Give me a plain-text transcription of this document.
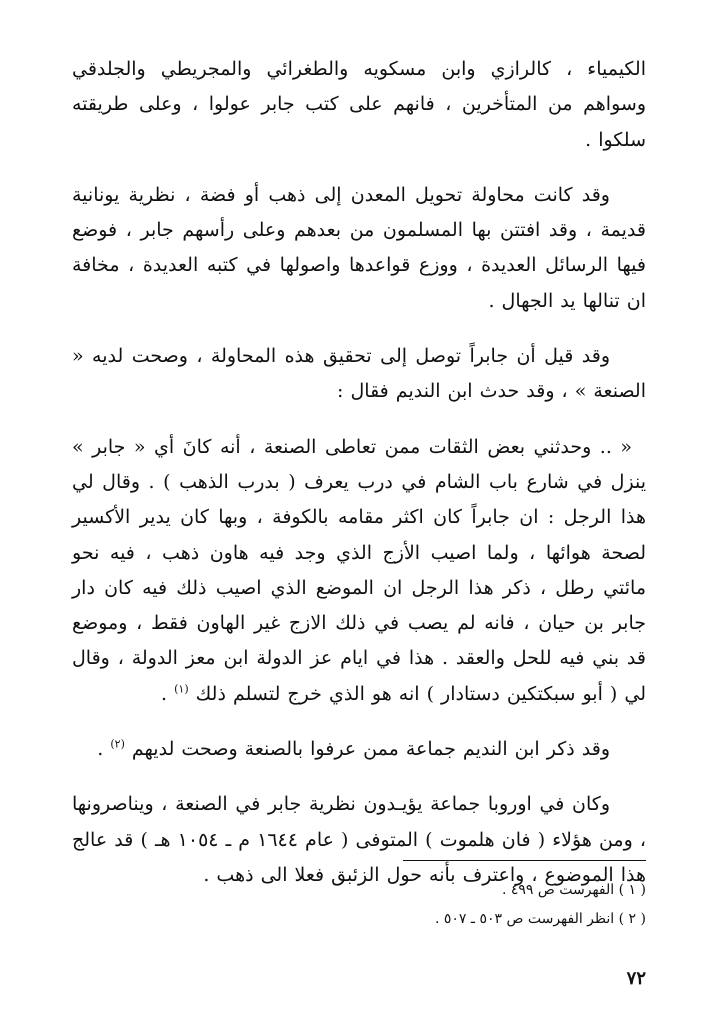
الكيمياء ، كالرازي وابن مسكويه والطغرائي والمجريطي والجلدقي وسواهم من المتأخرين ، فانهم على كتب جابر عولوا ، وعلى طريقته سلكوا .

وقد كانت محاولة تحويل المعدن إلى ذهب أو فضة ، نظرية يونانية قديمة ، وقد افتتن بها المسلمون من بعدهم وعلى رأسهم جابر ، فوضع فيها الرسائل العديدة ، ووزع قواعدها واصولها في كتبه العديدة ، مخافة ان تنالها يد الجهال .

وقد قيل أن جابراً توصل إلى تحقيق هذه المحاولة ، وصحت لديه « الصنعة » ، وقد حدث ابن النديم فقال :

« .. وحدثني بعض الثقات ممن تعاطى الصنعة ، أنه كانَ أي « جابر » ينزل في شارع باب الشام في درب يعرف ( بدرب الذهب ) . وقال لي هذا الرجل : ان جابراً كان اكثر مقامه بالكوفة ، وبها كان يدير الأكسير لصحة هوائها ، ولما اصيب الأزج الذي وجد فيه هاون ذهب ، فيه نحو مائتي رطل ، ذكر هذا الرجل ان الموضع الذي اصيب ذلك فيه كان دار جابر بن حيان ، فانه لم يصب في ذلك الازج غير الهاون فقط ، وموضع قد بني فيه للحل والعقد . هذا في ايام عز الدولة ابن معز الدولة ، وقال لي ( أبو سبكتكين دستادار ) انه هو الذي خرج لتسلم ذلك $^{(١)}$ .

وقد ذكر ابن النديم جماعة ممن عرفوا بالصنعة وصحت لديهم $^{(٢)}$ .

وكان في اوروبا جماعة يؤيـدون نظرية جابر في الصنعة ، ويناصرونها ، ومن هؤلاء ( فان هلموت ) المتوفى ( عام ١٦٤٤ م ـ ١٠٥٤ هـ ) قد عالج هذا الموضوع ، واعترف بأنه حول الزئبق فعلا الى ذهب .

( ١ ) الفهرست ص ٤٩٩ .

( ٢ ) انظر الفهرست ص ٥٠٣ ـ ٥٠٧ .

٧٢
